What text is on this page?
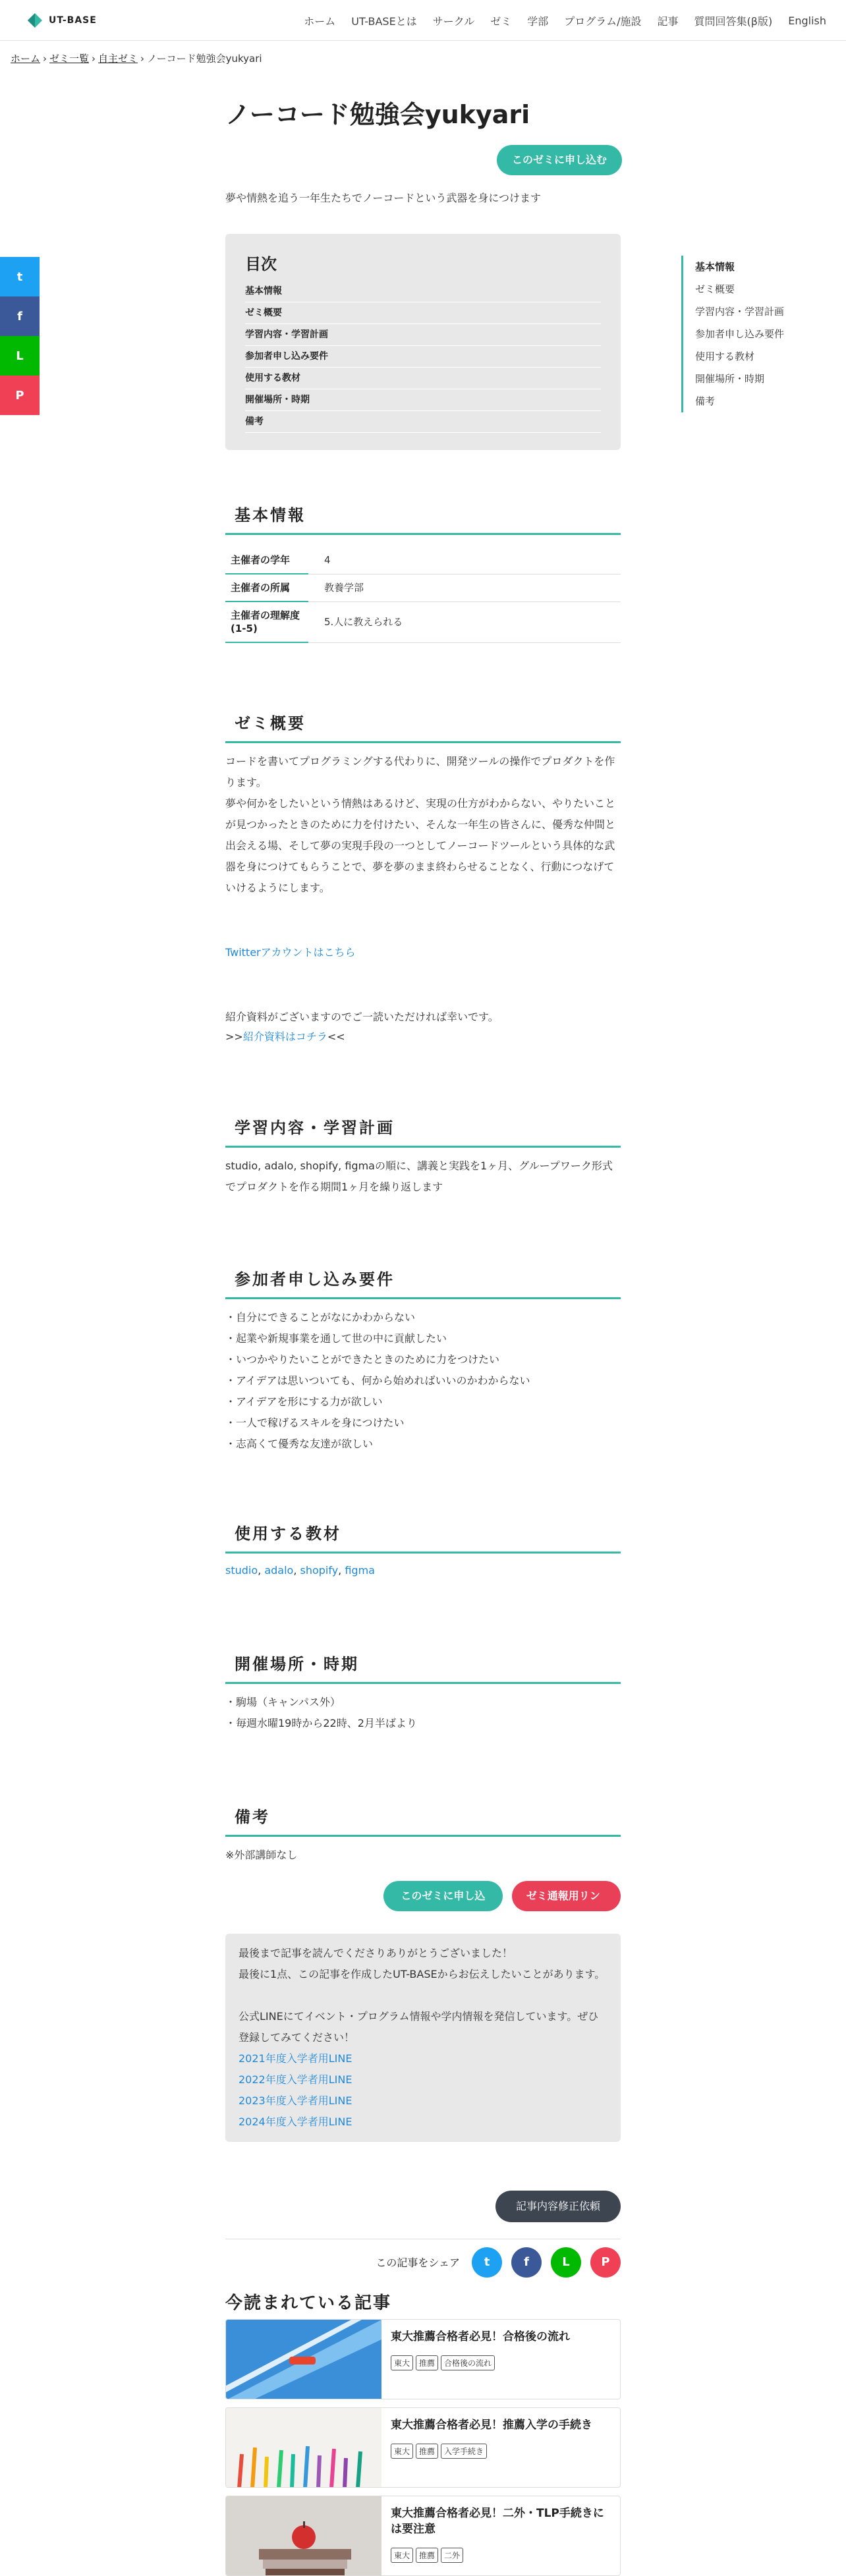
UT-BASE	ホーム UT-BASEとは サークル ゼミ 学部 プログラム/施設 記事 質問回答集(β版) English
ホーム › ゼミ一覧 › 自主ゼミ › ノーコード勉強会yukyari
t
f
L
P
ノーコード勉強会yukyari
このゼミに申し込む

夢や情熱を追う一年生たちでノーコードという武器を身につけます

目次
基本情報
ゼミ概要
学習内容・学習計画
参加者申し込み要件
使用する教材
開催場所・時期
備考
基本情報
主催者の学年	4
主催者の所属	教養学部
主催者の理解度(1-5)	5.人に教えられる
ゼミ概要

コードを書いてプログラミングする代わりに、開発ツールの操作でプロダクトを作ります。

夢や何かをしたいという情熱はあるけど、実現の仕方がわからない、やりたいことが見つかったときのために力を付けたい、そんな一年生の皆さんに、優秀な仲間と出会える場、そして夢の実現手段の一つとしてノーコードツールという具体的な武器を身につけてもらうことで、夢を夢のまま終わらせることなく、行動につなげていけるようにします。

Twitterアカウントはこちら

紹介資料がございますのでご一読いただければ幸いです。

>>紹介資料はコチラ<<

学習内容・学習計画

studio, adalo, shopify, figmaの順に、講義と実践を1ヶ月、グループワーク形式でプロダクトを作る期間1ヶ月を繰り返します

参加者申し込み要件
・自分にできることがなにかわからない
・起業や新規事業を通して世の中に貢献したい
・いつかやりたいことができたときのために力をつけたい
・アイデアは思いついても、何から始めればいいのかわからない
・アイデアを形にする力が欲しい
・一人で稼げるスキルを身につけたい
・志高くて優秀な友達が欲しい
使用する教材

studio, adalo, shopify, figma

開催場所・時期
・駒場（キャンパス外）
・毎週水曜19時から22時、2月半ばより
備考

※外部講師なし

このゼミに申し込む
ゼミ通報用リンク

最後まで記事を読んでくださりありがとうございました！

最後に1点、この記事を作成したUT-BASEからお伝えしたいことがあります。

公式LINEにてイベント・プログラム情報や学内情報を発信しています。ぜひ登録してみてください！

2021年度入学者用LINE
2022年度入学者用LINE
2023年度入学者用LINE
2024年度入学者用LINE
記事内容修正依頼
この記事をシェア	t	f	L	P
今読まれている記事

東大推薦合格者必見！合格後の流れ

東大	推薦	合格後の流れ

東大推薦合格者必見！推薦入学の手続き

東大	推薦	入学手続き

東大推薦合格者必見！二外・TLP手続きには要注意

東大	推薦	二外
基本情報
ゼミ概要
学習内容・学習計画
参加者申し込み要件
使用する教材
開催場所・時期
備考
